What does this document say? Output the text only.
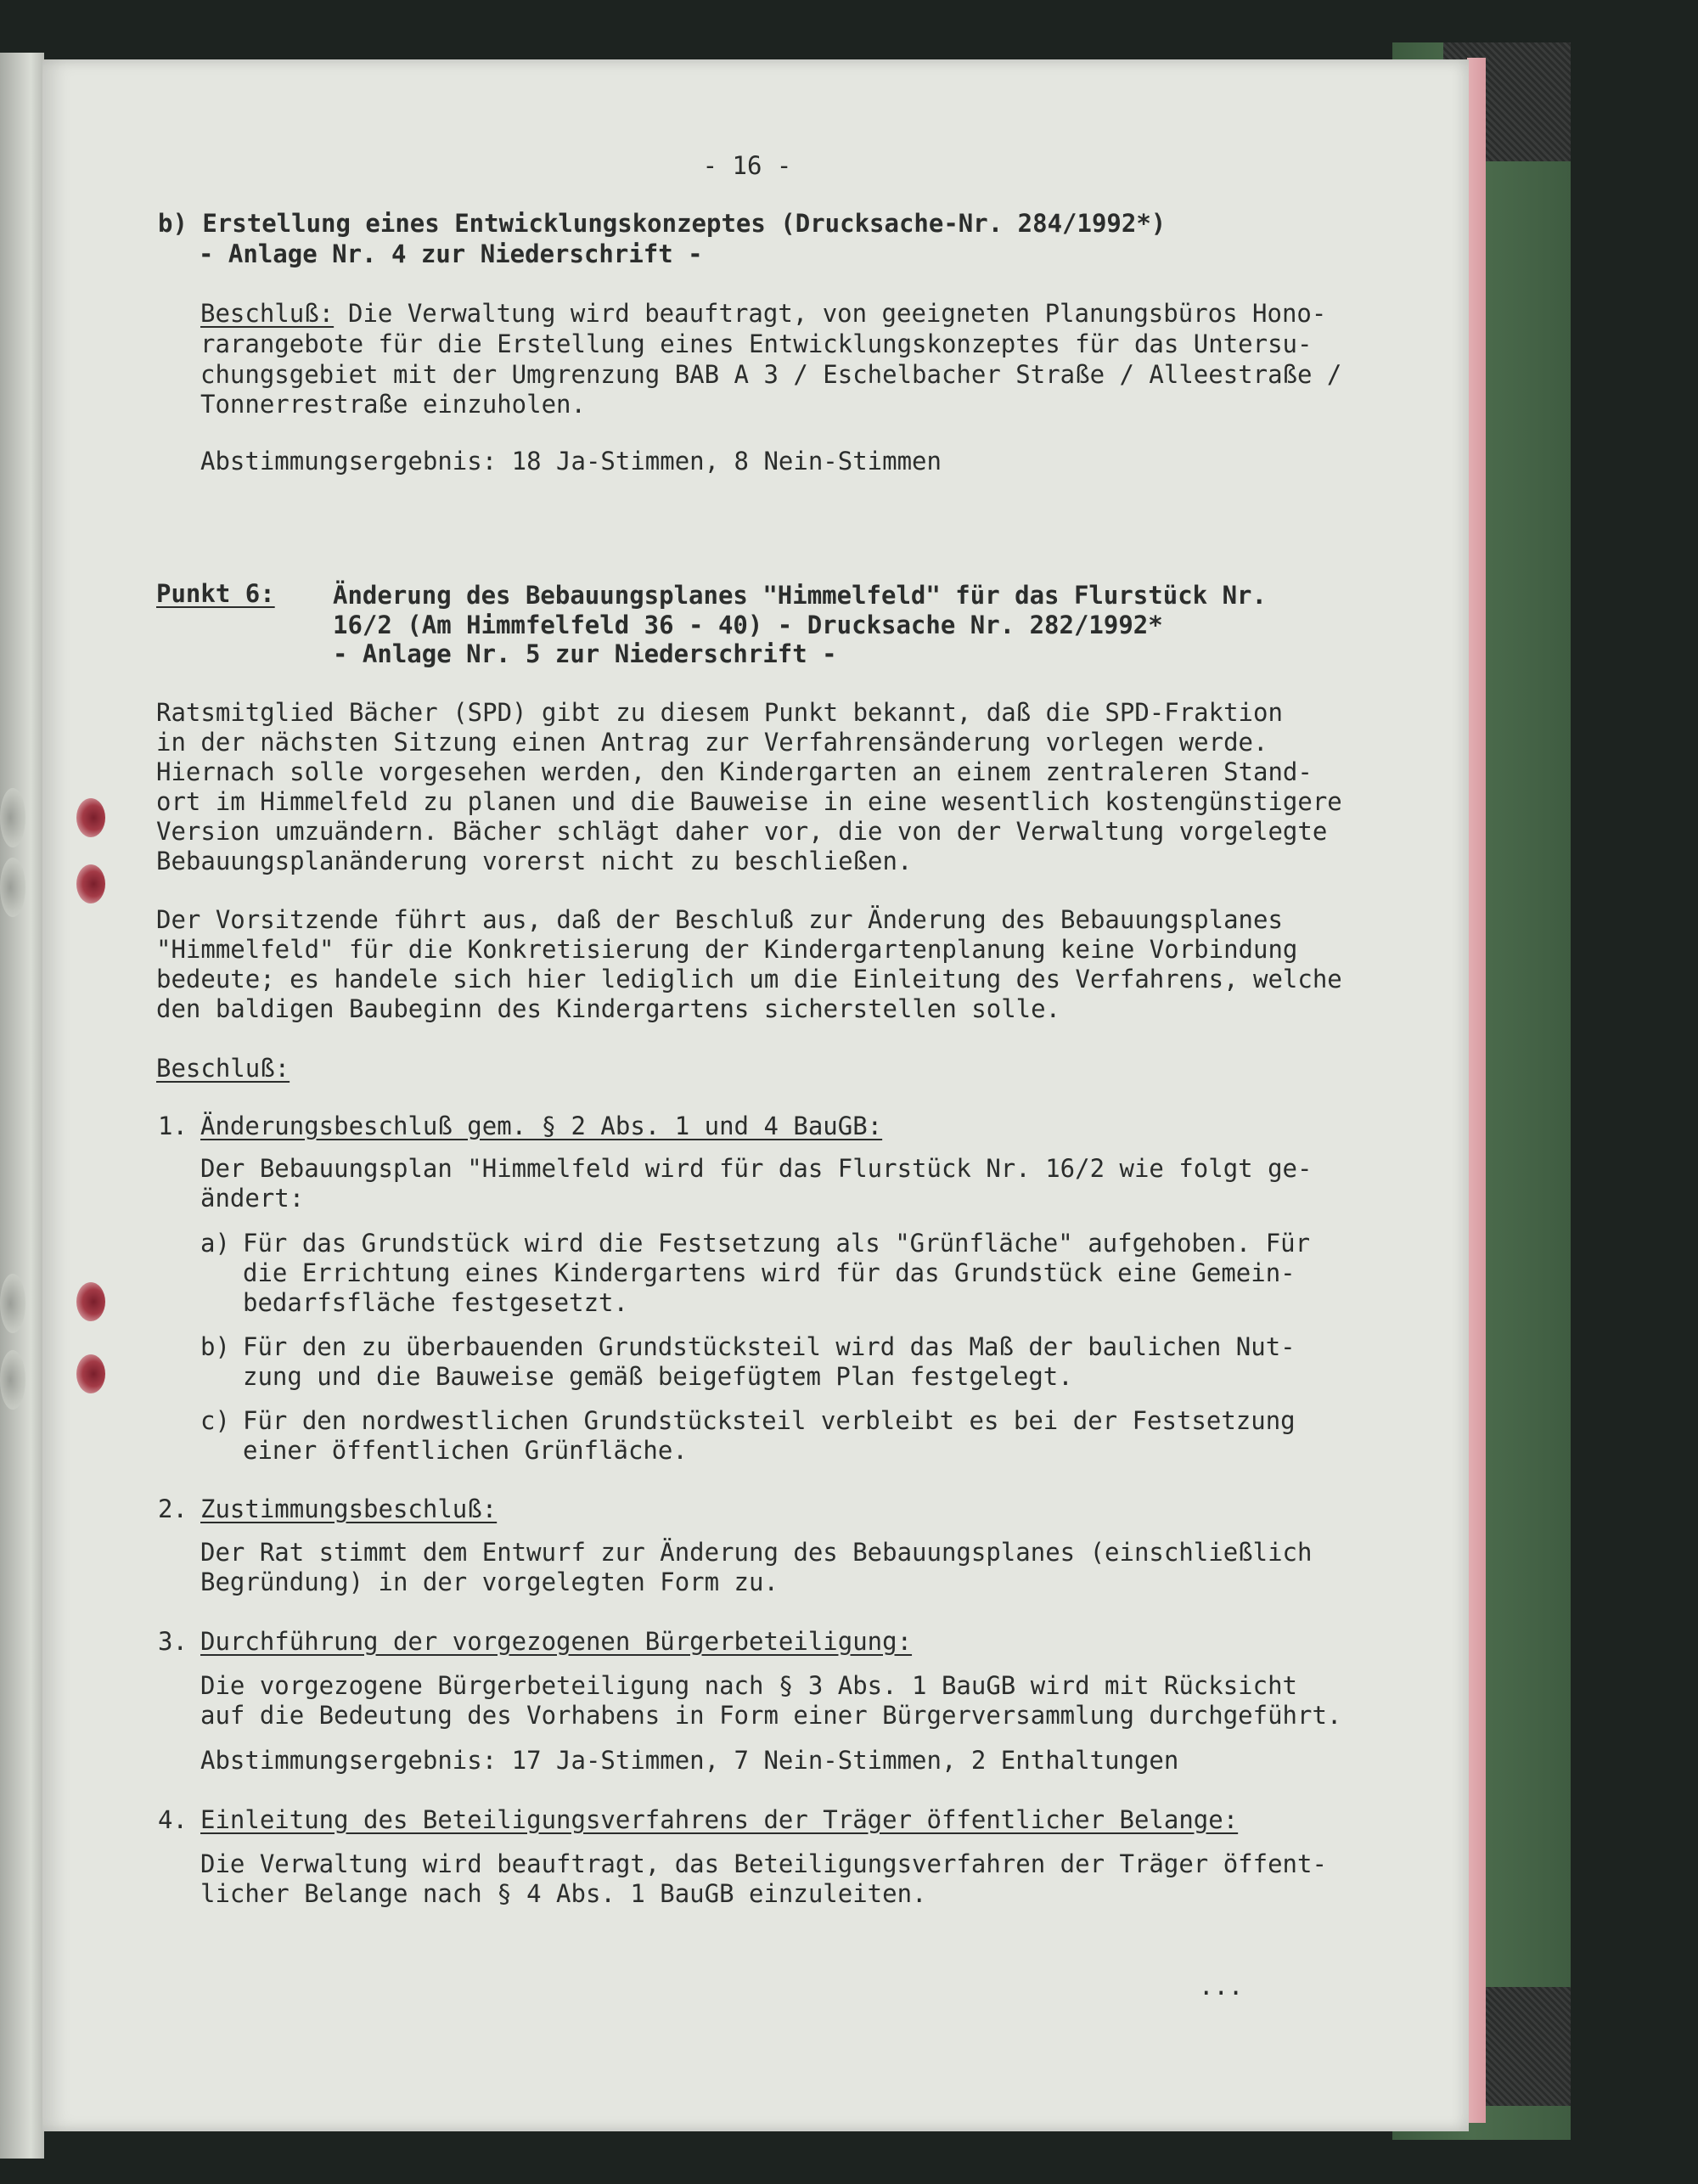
- 16 -
b) Erstellung eines Entwicklungskonzeptes (Drucksache-Nr. 284/1992*)
- Anlage Nr. 4 zur Niederschrift -
Beschluß: Die Verwaltung wird beauftragt, von geeigneten Planungsbüros Hono-
rarangebote für die Erstellung eines Entwicklungskonzeptes für das Untersu-
chungsgebiet mit der Umgrenzung BAB A 3 / Eschelbacher Straße / Alleestraße /
Tonnerrestraße einzuholen.
Abstimmungsergebnis: 18 Ja-Stimmen, 8 Nein-Stimmen
Punkt 6: Änderung des Bebauungsplanes "Himmelfeld" für das Flurstück Nr.
16/2 (Am Himmfelfeld 36 - 40) - Drucksache Nr. 282/1992*
- Anlage Nr. 5 zur Niederschrift -
Ratsmitglied Bächer (SPD) gibt zu diesem Punkt bekannt, daß die SPD-Fraktion
in der nächsten Sitzung einen Antrag zur Verfahrensänderung vorlegen werde.
Hiernach solle vorgesehen werden, den Kindergarten an einem zentraleren Stand-
ort im Himmelfeld zu planen und die Bauweise in eine wesentlich kostengünstigere
Version umzuändern. Bächer schlägt daher vor, die von der Verwaltung vorgelegte
Bebauungsplanänderung vorerst nicht zu beschließen.
Der Vorsitzende führt aus, daß der Beschluß zur Änderung des Bebauungsplanes
"Himmelfeld" für die Konkretisierung der Kindergartenplanung keine Vorbindung
bedeute; es handele sich hier lediglich um die Einleitung des Verfahrens, welche
den baldigen Baubeginn des Kindergartens sicherstellen solle.
Beschluß:
1. Änderungsbeschluß gem. § 2 Abs. 1 und 4 BauGB:
Der Bebauungsplan "Himmelfeld wird für das Flurstück Nr. 16/2 wie folgt ge-
ändert:
a) Für das Grundstück wird die Festsetzung als "Grünfläche" aufgehoben. Für
die Errichtung eines Kindergartens wird für das Grundstück eine Gemein-
bedarfsfläche festgesetzt.
b) Für den zu überbauenden Grundstücksteil wird das Maß der baulichen Nut-
zung und die Bauweise gemäß beigefügtem Plan festgelegt.
c) Für den nordwestlichen Grundstücksteil verbleibt es bei der Festsetzung
einer öffentlichen Grünfläche.
2. Zustimmungsbeschluß:
Der Rat stimmt dem Entwurf zur Änderung des Bebauungsplanes (einschließlich
Begründung) in der vorgelegten Form zu.
3. Durchführung der vorgezogenen Bürgerbeteiligung:
Die vorgezogene Bürgerbeteiligung nach § 3 Abs. 1 BauGB wird mit Rücksicht
auf die Bedeutung des Vorhabens in Form einer Bürgerversammlung durchgeführt.
Abstimmungsergebnis: 17 Ja-Stimmen, 7 Nein-Stimmen, 2 Enthaltungen
4. Einleitung des Beteiligungsverfahrens der Träger öffentlicher Belange:
Die Verwaltung wird beauftragt, das Beteiligungsverfahren der Träger öffent-
licher Belange nach § 4 Abs. 1 BauGB einzuleiten.
...
